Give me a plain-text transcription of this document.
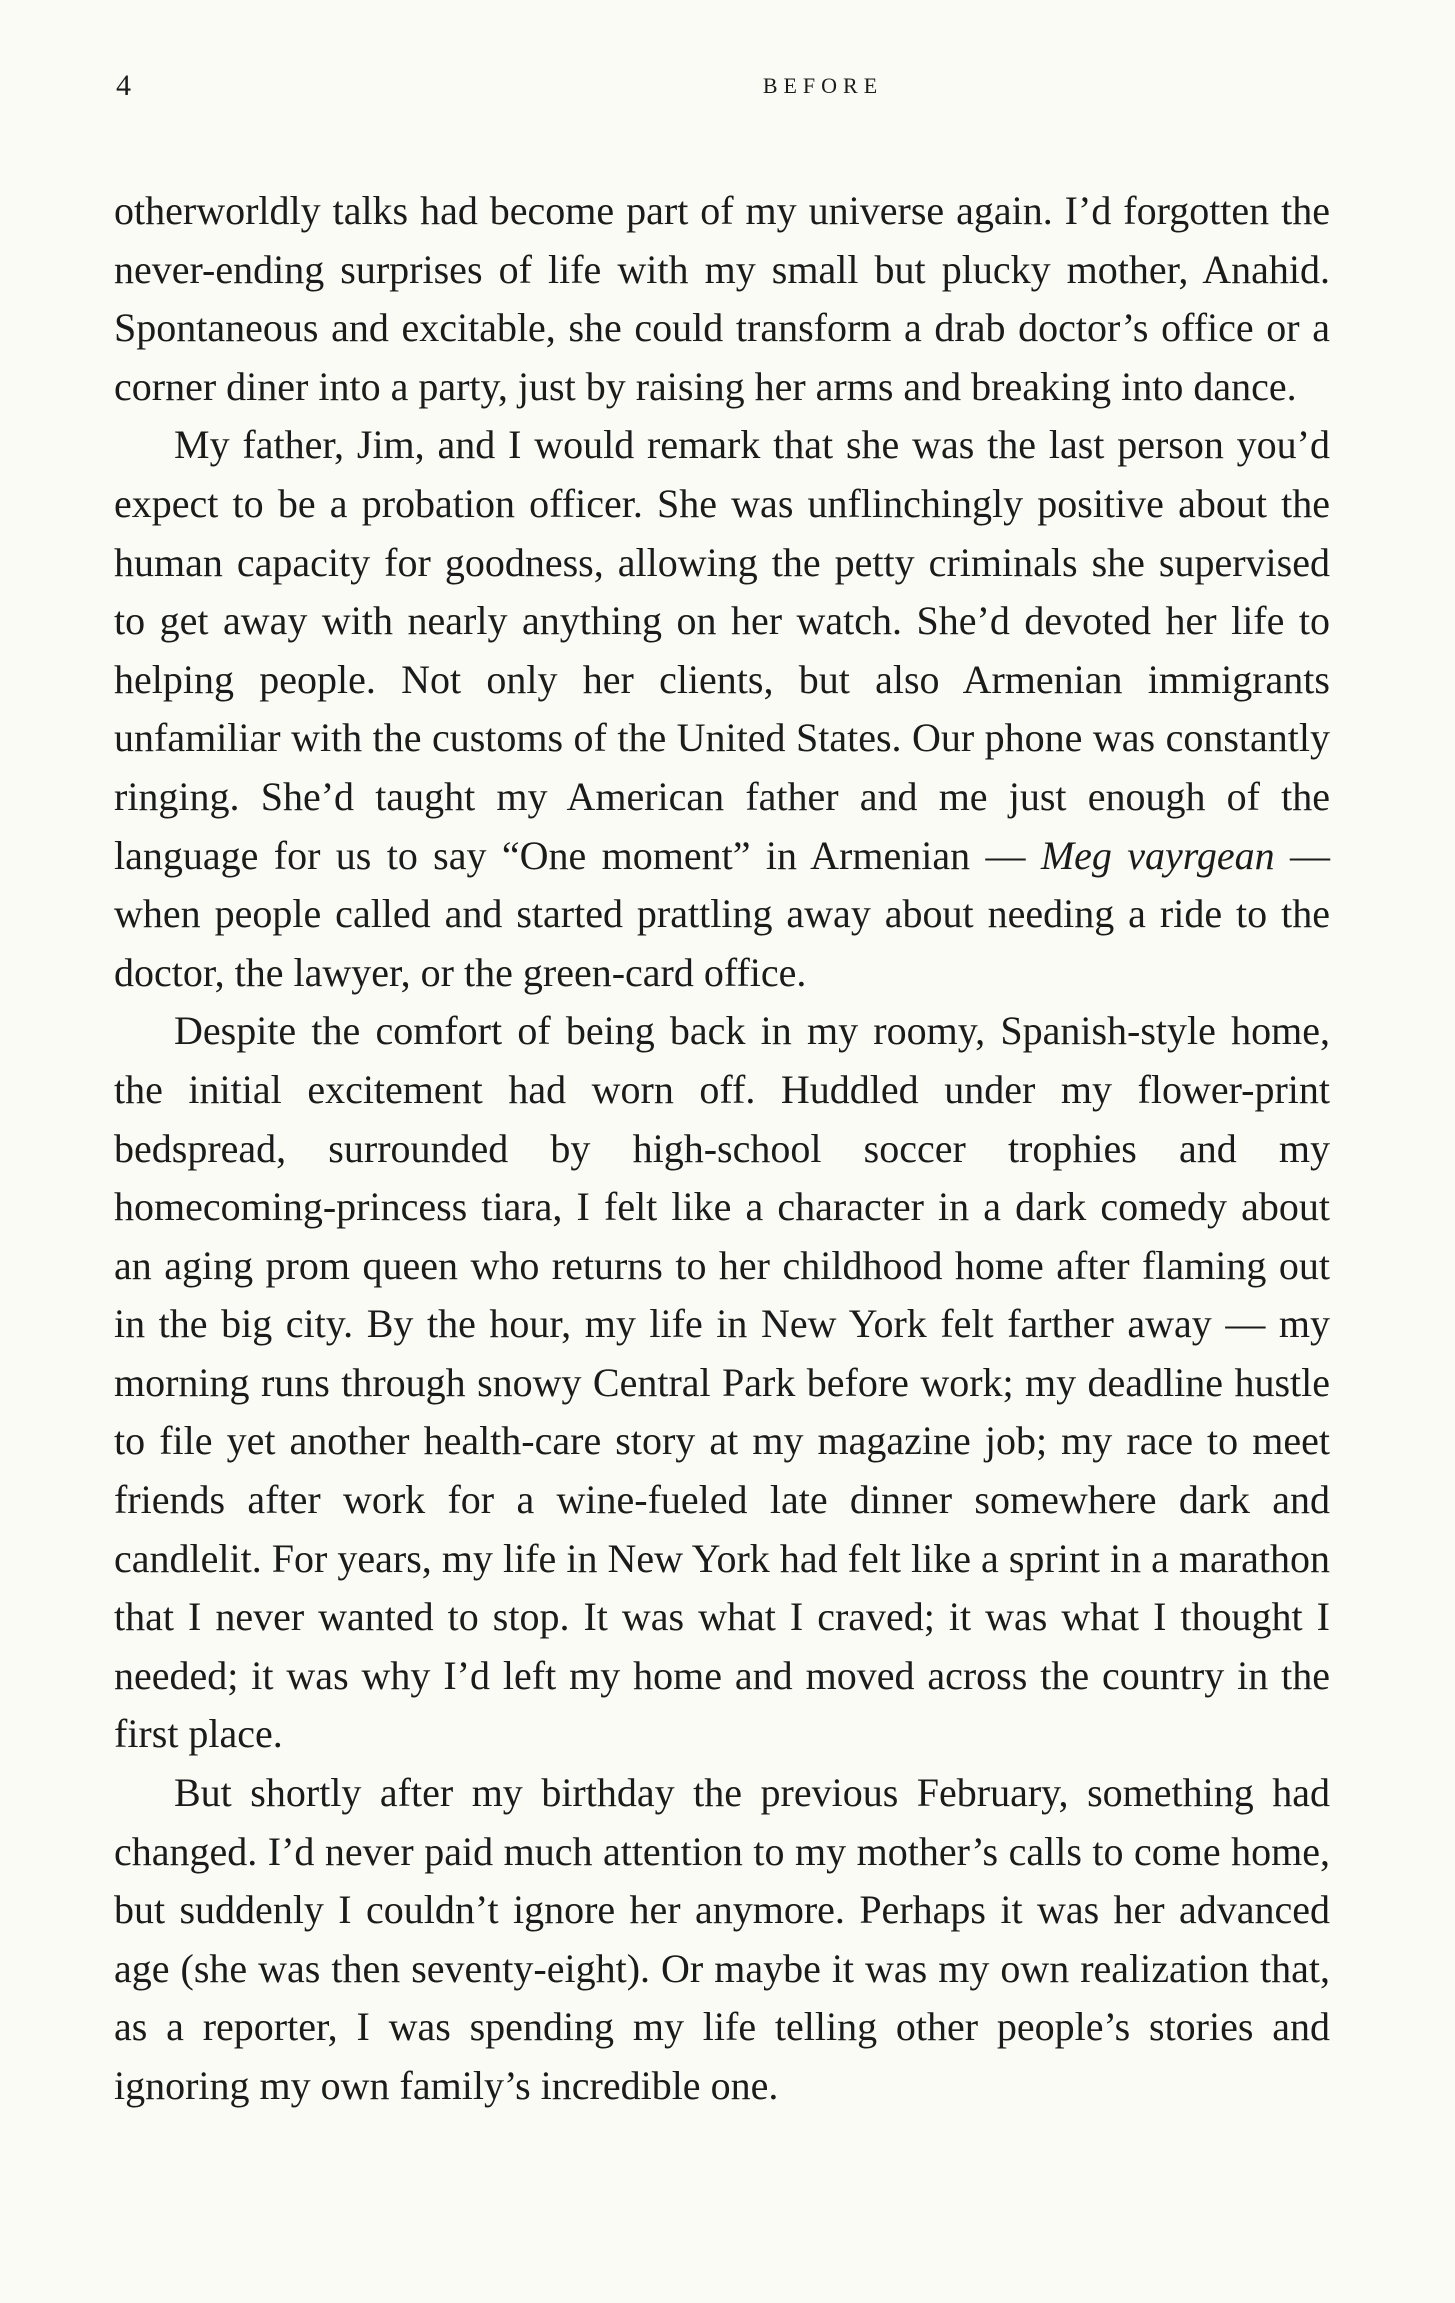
4	BEFORE

otherworldly talks had become part of my universe again. I’d forgotten the never-ending surprises of life with my small but plucky mother, Anahid. Spontaneous and excitable, she could transform a drab doctor’s office or a corner diner into a party, just by raising her arms and breaking into dance.

My father, Jim, and I would remark that she was the last person you’d expect to be a probation officer. She was unflinchingly positive about the human capacity for goodness, allowing the petty criminals she supervised to get away with nearly anything on her watch. She’d devoted her life to helping people. Not only her clients, but also Armenian immigrants unfamiliar with the customs of the United States. Our phone was constantly ringing. She’d taught my American father and me just enough of the language for us to say “One moment” in Armenian — Meg vayrgean — when people called and started prattling away about needing a ride to the doctor, the lawyer, or the green-card office.

Despite the comfort of being back in my roomy, Spanish-style home, the initial excitement had worn off. Huddled under my flower-print bedspread, surrounded by high-school soccer trophies and my homecoming-princess tiara, I felt like a character in a dark comedy about an aging prom queen who returns to her childhood home after flaming out in the big city. By the hour, my life in New York felt farther away — my morning runs through snowy Central Park before work; my deadline hustle to file yet another health-care story at my magazine job; my race to meet friends after work for a wine-fueled late dinner somewhere dark and candlelit. For years, my life in New York had felt like a sprint in a marathon that I never wanted to stop. It was what I craved; it was what I thought I needed; it was why I’d left my home and moved across the country in the first place.

But shortly after my birthday the previous February, something had changed. I’d never paid much attention to my mother’s calls to come home, but suddenly I couldn’t ignore her anymore. Perhaps it was her advanced age (she was then seventy-eight). Or maybe it was my own realization that, as a reporter, I was spending my life telling other people’s stories and ignoring my own family’s incredible one.
